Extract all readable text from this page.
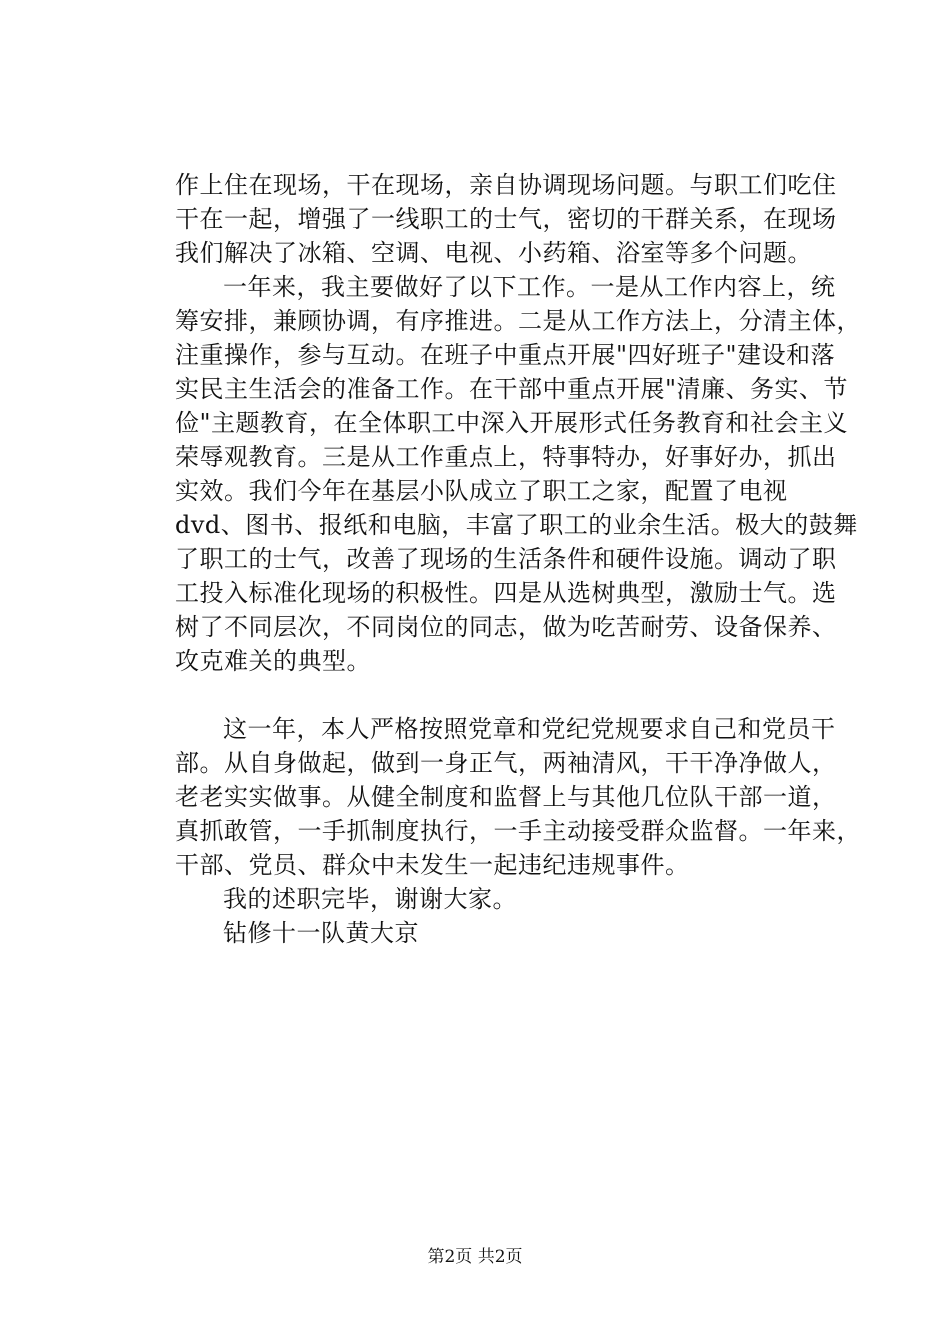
作上住在现场，干在现场，亲自协调现场问题。与职工们吃住
干在一起，增强了一线职工的士气，密切的干群关系，在现场
我们解决了冰箱、空调、电视、小药箱、浴室等多个问题。
一年来，我主要做好了以下工作。一是从工作内容上，统
筹安排，兼顾协调，有序推进。二是从工作方法上，分清主体，
注重操作，参与互动。在班子中重点开展"四好班子"建设和落
实民主生活会的准备工作。在干部中重点开展"清廉、务实、节
俭"主题教育，在全体职工中深入开展形式任务教育和社会主义
荣辱观教育。三是从工作重点上，特事特办，好事好办，抓出
实效。我们今年在基层小队成立了职工之家，配置了电视
dvd、图书、报纸和电脑，丰富了职工的业余生活。极大的鼓舞
了职工的士气，改善了现场的生活条件和硬件设施。调动了职
工投入标准化现场的积极性。四是从选树典型，激励士气。选
树了不同层次，不同岗位的同志，做为吃苦耐劳、设备保养、
攻克难关的典型。
这一年，本人严格按照党章和党纪党规要求自己和党员干
部。从自身做起，做到一身正气，两袖清风，干干净净做人，
老老实实做事。从健全制度和监督上与其他几位队干部一道，
真抓敢管，一手抓制度执行，一手主动接受群众监督。一年来，
干部、党员、群众中未发生一起违纪违规事件。
我的述职完毕，谢谢大家。
钻修十一队黄大京
第2页 共2页
